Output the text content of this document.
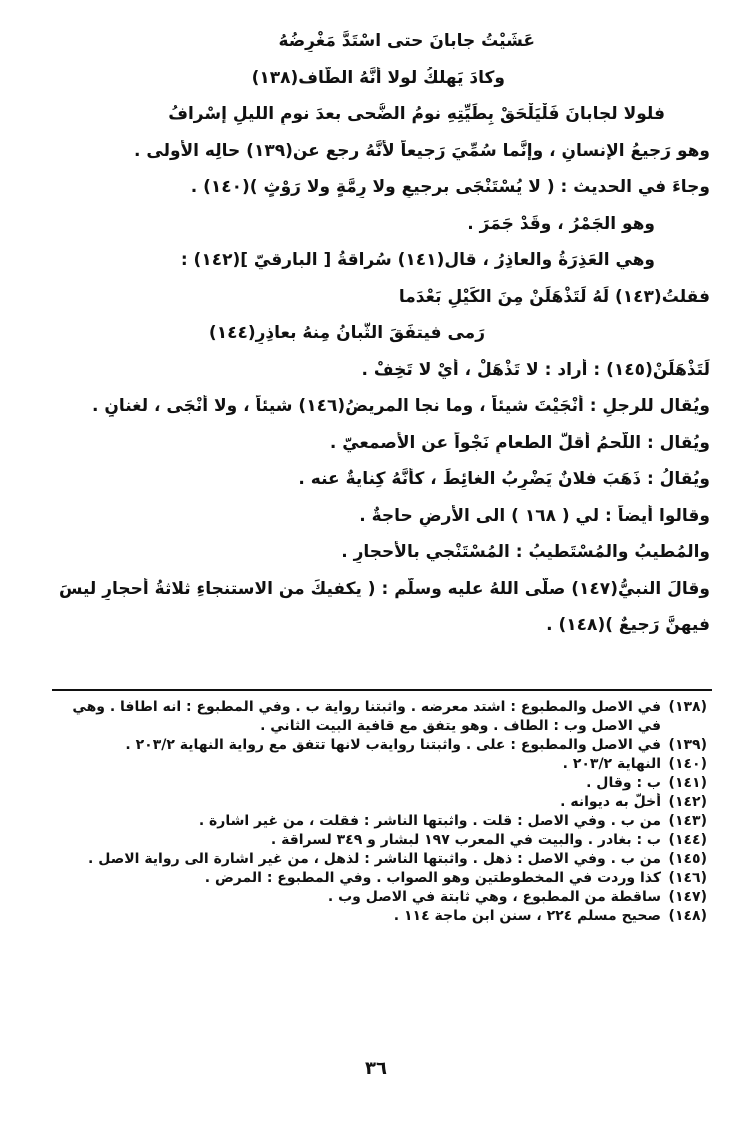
عَشَيْتُ جابانَ حتى اسْتَدَّ مَغْرِضُهُ
وكادَ يَهلكُ لولا أنَّهُ الطَّاف(١٣٨)
فلولا لجابانَ فَلْيَلْحَقْ بِطَيِّتِهِ نومُ الضُّحى بعدَ نومِ الليلِ إسْرافُ
وهو رَجيعُ الإنسانِ ، وإنَّما سُمِّيَ رَجيعاً لأنَّهُ رجع عن(١٣٩) حالِه الأولى .
وجاءَ في الحديث : ( لا يُسْتَنْجَى برجيعٍ ولا رِمَّةٍ ولا رَوْثٍ )(١٤٠) .
وهو الجَمْرُ ، وقَدْ جَمَرَ .
وهي العَذِرَةُ والعاذِرُ ، قال(١٤١) سُراقةُ [ البارقيّ ](١٤٢) :
فقلتُ(١٤٣) لَهُ لَتَذْهَلَنْ مِنَ الكَيْلِ بَعْدَما
رَمى فيتفَقَ الثَّبانُ مِنهُ بعاذِرِ(١٤٤)
لَتَذْهَلَنْ(١٤٥) : أراد : لا تَذْهَلْ ، أيْ لا تَخِفْ .
ويُقال للرجلِ : أنْجَيْتَ شيئاً ، وما نجا المريضُ(١٤٦) شيئاً ، ولا أنْجَى ، لغنانٍ .
ويُقال : اللَّحمُ أقلُّ الطعامِ نَجْواً عن الأصمعيّ .
ويُقالُ : ذَهَبَ فلانٌ يَضْرِبُ الغائِطَ ، كأنَّهُ كِنايةٌ عنه .
وقالوا أيضاً : لي ( ١٦٨ ) الى الأرضِ حاجةٌ .
والمُطيبُ والمُسْتَطيبُ : المُسْتَنْجي بالأحجارِ .
وقالَ النبيُّ(١٤٧) صلّى اللهُ عليه وسلَّم : ( يكفيكَ من الاستنجاءِ ثلاثةُ أحجارٍ ليسَ
فيهنَّ رَجيعٌ )(١٤٨) .
(١٣٨)
في الاصل والمطبوع : اشتد معرضه . واثبتنا رواية ب . وفي المطبوع : انه اطافا . وهي
في الاصل وب : الطاف . وهو يتفق مع قافية البيت الثاني .
(١٣٩)
في الاصل والمطبوع : على . واثبتنا روايةب لانها تتفق مع رواية النهاية ٢٠٣/٢ .
(١٤٠)
النهاية ٢٠٣/٢ .
(١٤١)
ب : وقال .
(١٤٢)
أخلَّ به ديوانه .
(١٤٣)
من ب . وفي الاصل : قلت . واثبتها الناشر : فقلت ، من غير اشارة .
(١٤٤)
ب : بغادر . والبيت في المعرب ١٩٧ لبشار و ٣٤٩ لسراقة .
(١٤٥)
من ب . وفي الاصل : ذهل . واثبتها الناشر : لذهل ، من غير اشارة الى رواية الاصل .
(١٤٦)
كذا وردت في المخطوطتين وهو الصواب . وفي المطبوع : المرض .
(١٤٧)
ساقطة من المطبوع ، وهي ثابتة في الاصل وب .
(١٤٨)
صحيح مسلم ٢٢٤ ، سنن ابن ماجة ١١٤ .
٣٦
